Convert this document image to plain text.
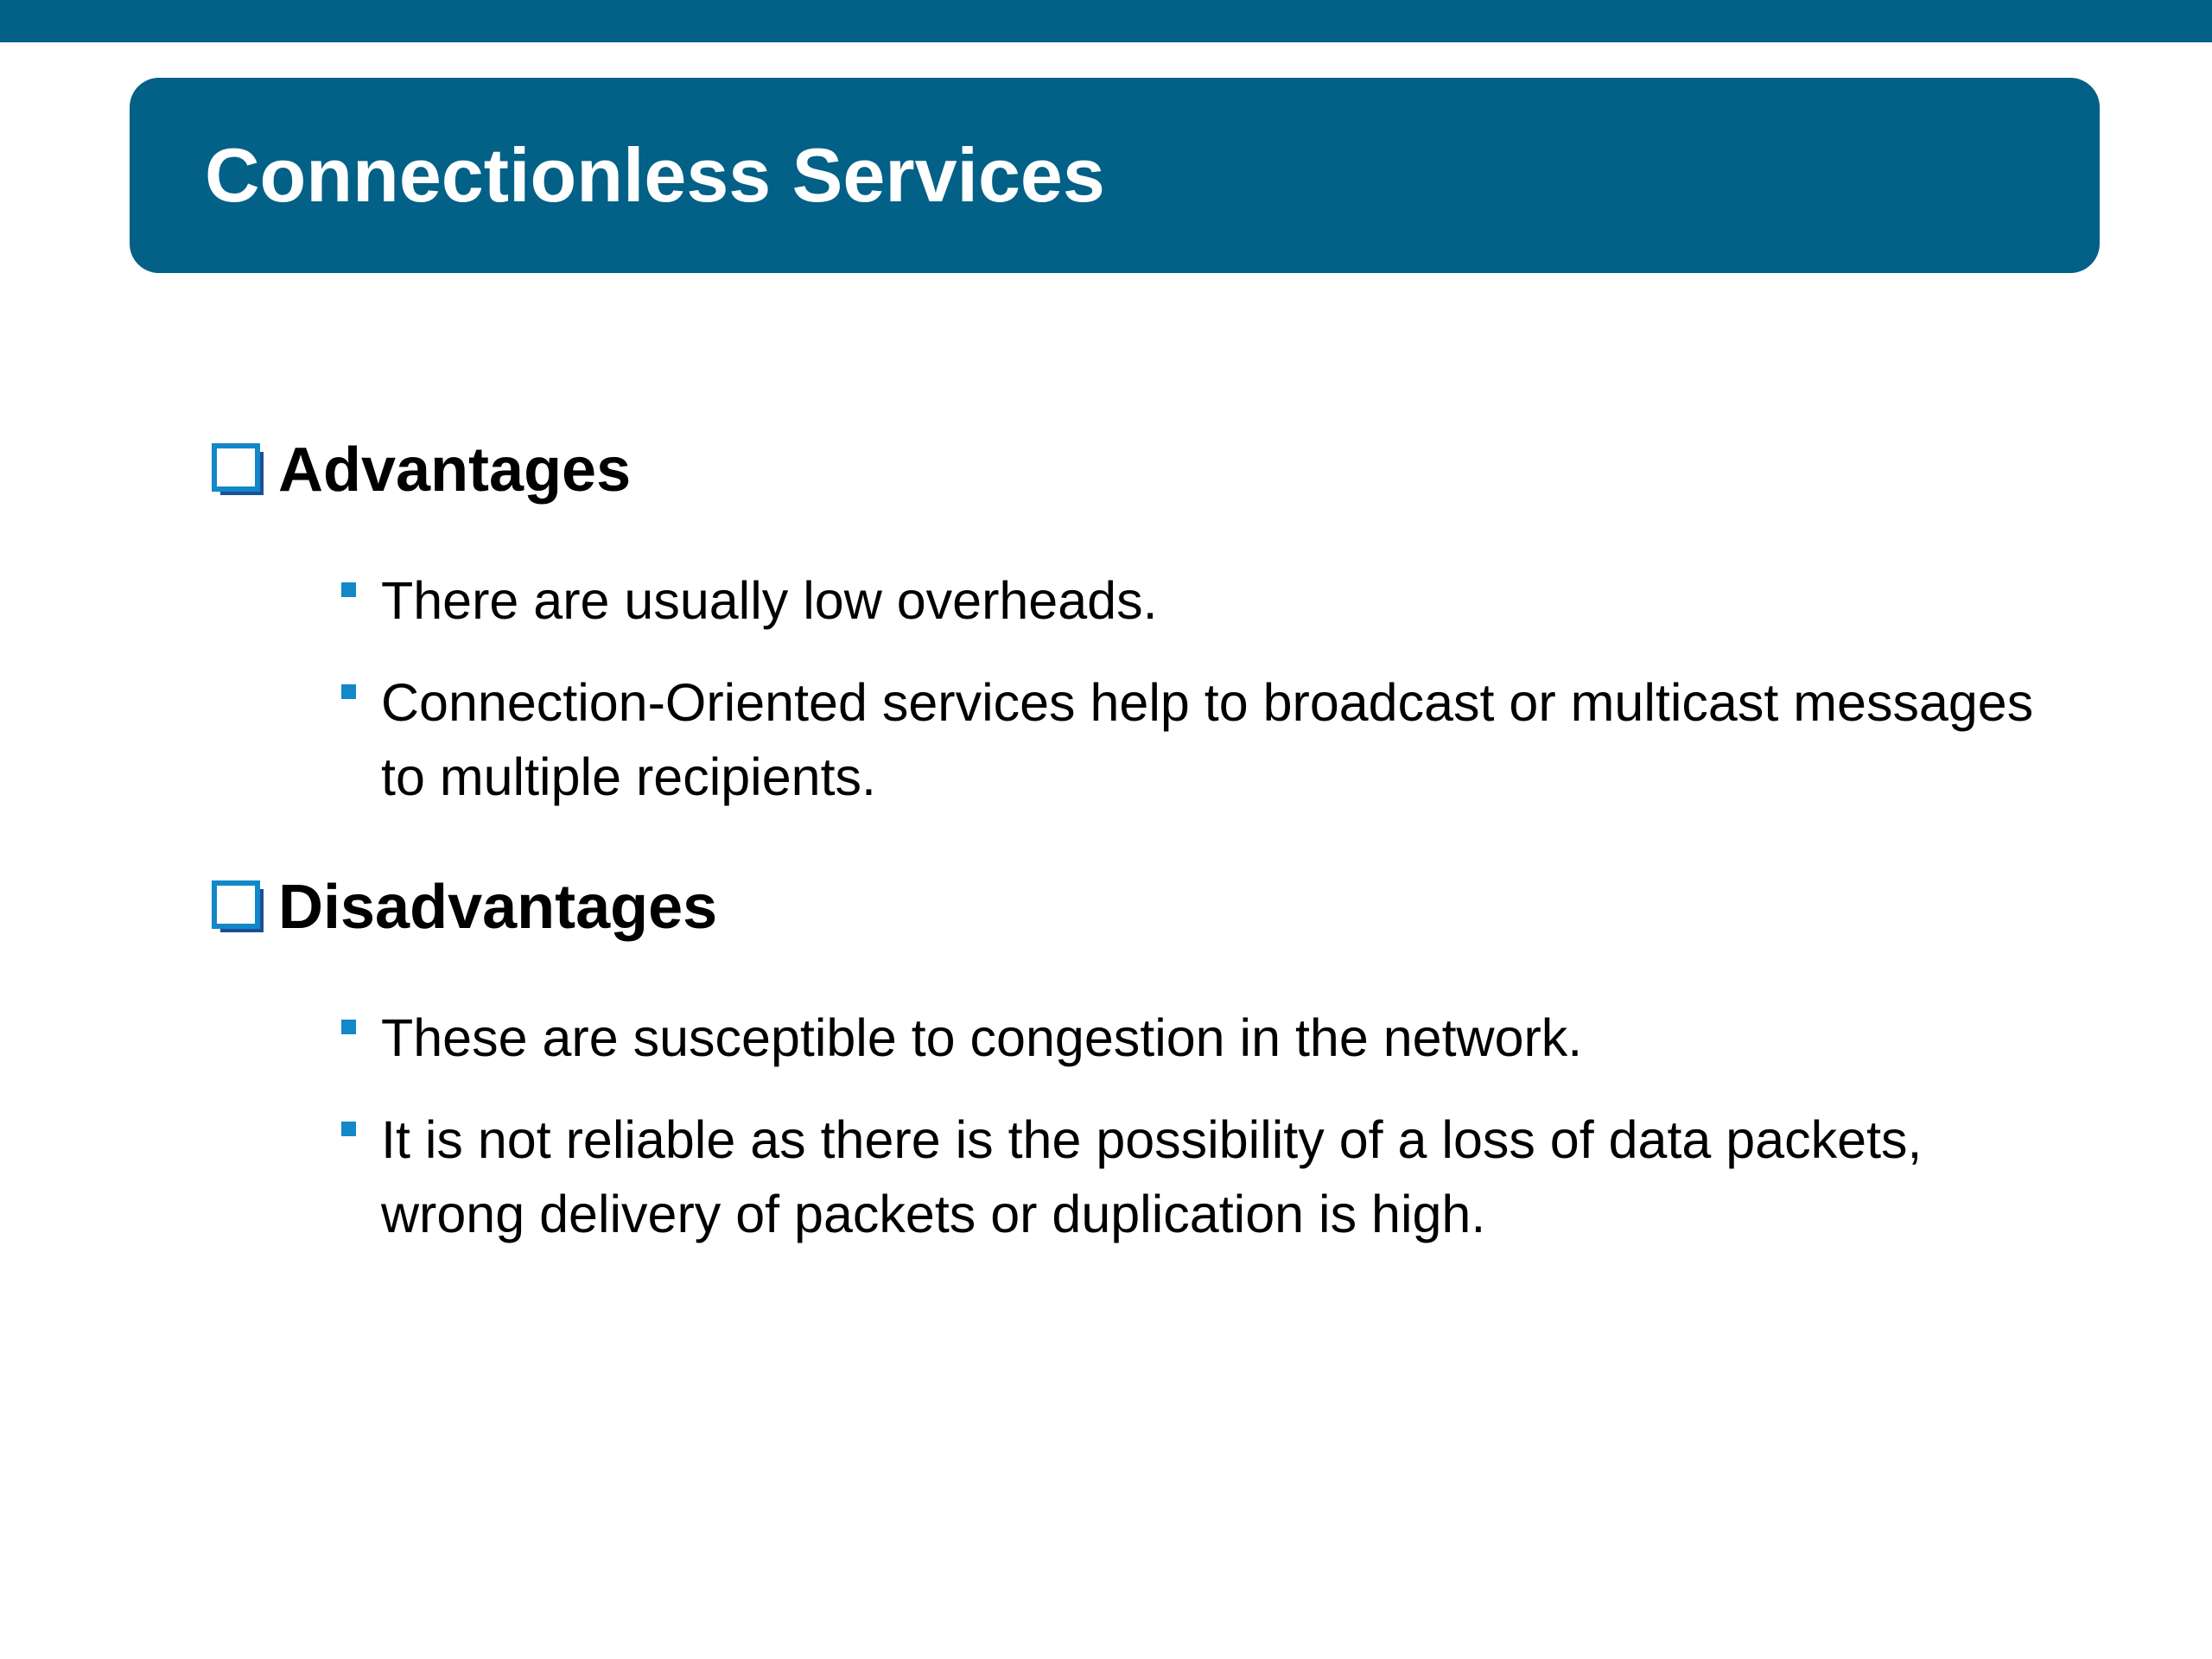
Connectionless Services
Advantages
There are usually low overheads.
Connection-Oriented services help to broadcast or multicast messages to multiple recipients.
Disadvantages
These are susceptible to congestion in the network.
It is not reliable as there is the possibility of a loss of data packets, wrong delivery of packets or duplication is high.
